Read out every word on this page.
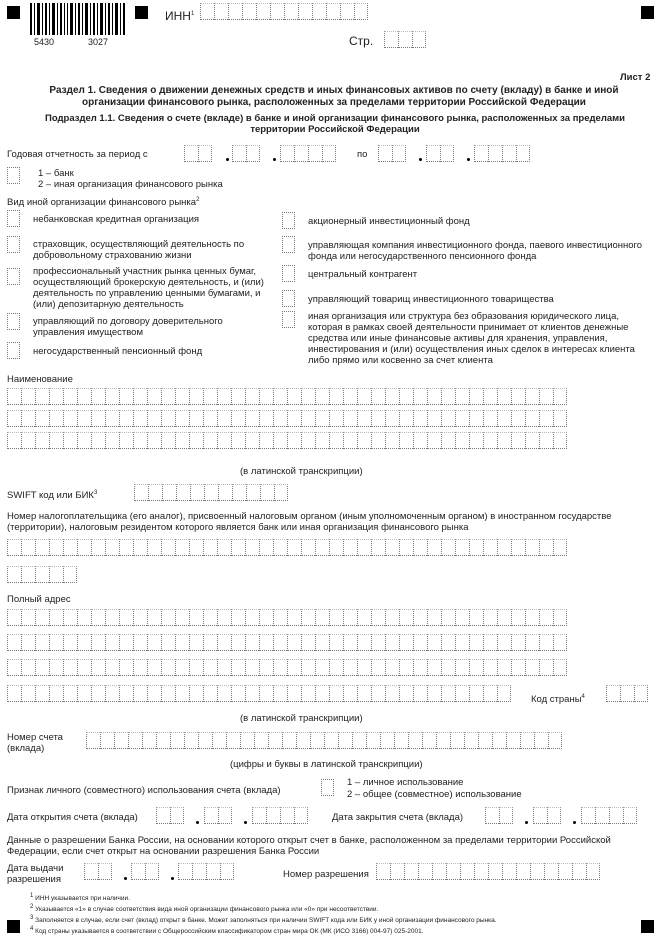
5430	3027
ИНН$^1$
Стр.
Лист 2
Раздел 1. Сведения о движении денежных средств и иных финансовых активов по счету (вкладу) в банке и иной организации финансового рынка, расположенных за пределами территории Российской Федерации
Подраздел 1.1. Сведения о счете (вкладе) в банке и иной организации финансового рынка, расположенных за пределами территории Российской Федерации
Годовая отчетность за период с	по
1 – банк
2 – иная организация финансового рынка
Вид иной организации финансового рынка$^2$
небанковская кредитная организация
страховщик, осуществляющий деятельность по добровольному страхованию жизни
профессиональный участник рынка ценных бумаг, осуществляющий брокерскую деятельность, и (или) деятельность по управлению ценными бумагами, и (или) депозитарную деятельность
управляющий по договору доверительного управления имуществом
негосударственный пенсионный фонд
акционерный инвестиционный фонд
управляющая компания инвестиционного фонда, паевого инвестиционного фонда или негосударственного пенсионного фонда
центральный контрагент
управляющий товарищ инвестиционного товарищества
иная организация или структура без образования юридического лица, которая в рамках своей деятельности принимает от клиентов денежные средства или иные финансовые активы для хранения, управления, инвестирования и (или) осуществления иных сделок в интересах клиента либо прямо или косвенно за счет клиента
Наименование
(в латинской транскрипции)
SWIFT код или БИК$^3$
Номер налогоплательщика (его аналог), присвоенный налоговым органом (иным уполномоченным органом) в иностранном государстве (территории), налоговым резидентом которого является банк или иная организация финансового рынка
Полный адрес
Код страны$^4$
(в латинской транскрипции)
Номер счета
(вклада)
(цифры и буквы в латинской транскрипции)
Признак личного (совместного) использования счета (вклада)
1 – личное использование
2 – общее (совместное) использование
Дата открытия счета (вклада)	Дата закрытия счета (вклада)
Данные о разрешении Банка России, на основании которого открыт счет в банке, расположенном за пределами территории Российской Федерации, если счет открыт на основании разрешения Банка России
Дата выдачи
разрешения	Номер разрешения
$^1$ ИНН указывается при наличии.
$^2$ Указывается «1» в случае соответствия вида иной организации финансового рынка или «0» при несоответствии.
$^3$ Заполняется в случае, если счет (вклад) открыт в банке. Может заполняться при наличии SWIFT кода или БИК у иной организации финансового рынка.
$^4$ Код страны указывается в соответствии с Общероссийским классификатором стран мира ОК (МК (ИСО 3166) 004-97) 025-2001.
